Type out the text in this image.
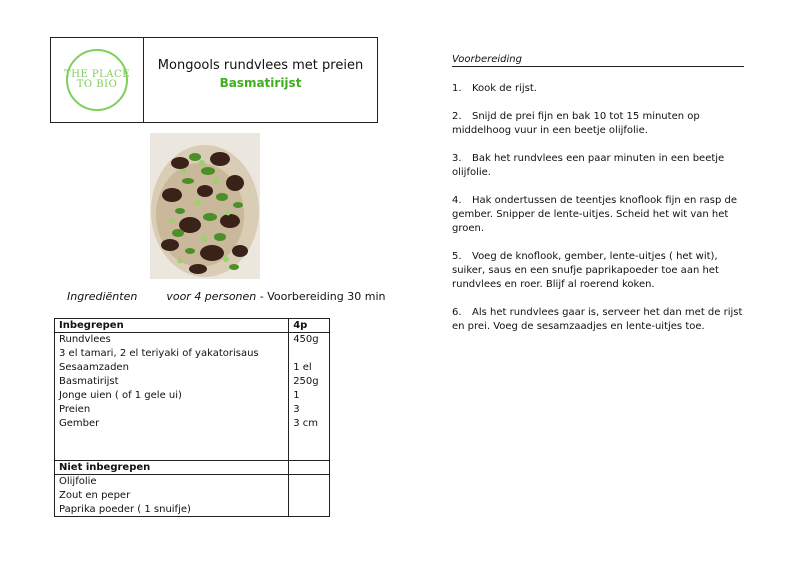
THE PLACE
TO BIO
Mongools rundvlees met preien
Basmatirijst
Ingrediënten	voor 4 personen - Voorbereiding 30 min
Inbegrepen	4p
Rundvlees	450g
3 el tamari, 2 el teriyaki of yakatorisaus	
Sesaamzaden	1 el
Basmatirijst	250g
Jonge uien ( of 1 gele ui)	1
Preien	3
Gember	3 cm

Niet inbegrepen	
Olijfolie	
Zout en peper	
Paprika poeder ( 1 snuifje)	
Voorbereiding
1. Kook de rijst.
2. Snijd de prei fijn en bak 10 tot 15 minuten op middelhoog vuur in een beetje olijfolie.
3. Bak het rundvlees een paar minuten in een beetje olijfolie.
4. Hak ondertussen de teentjes knoflook fijn en rasp de gember. Snipper de lente-uitjes. Scheid het wit van het groen.
5. Voeg de knoflook, gember, lente-uitjes ( het wit), suiker, saus en een snufje paprikapoeder toe aan het rundvlees en roer. Blijf al roerend koken.
6. Als het rundvlees gaar is, serveer het dan met de rijst en prei. Voeg de sesamzaadjes en lente-uitjes toe.
